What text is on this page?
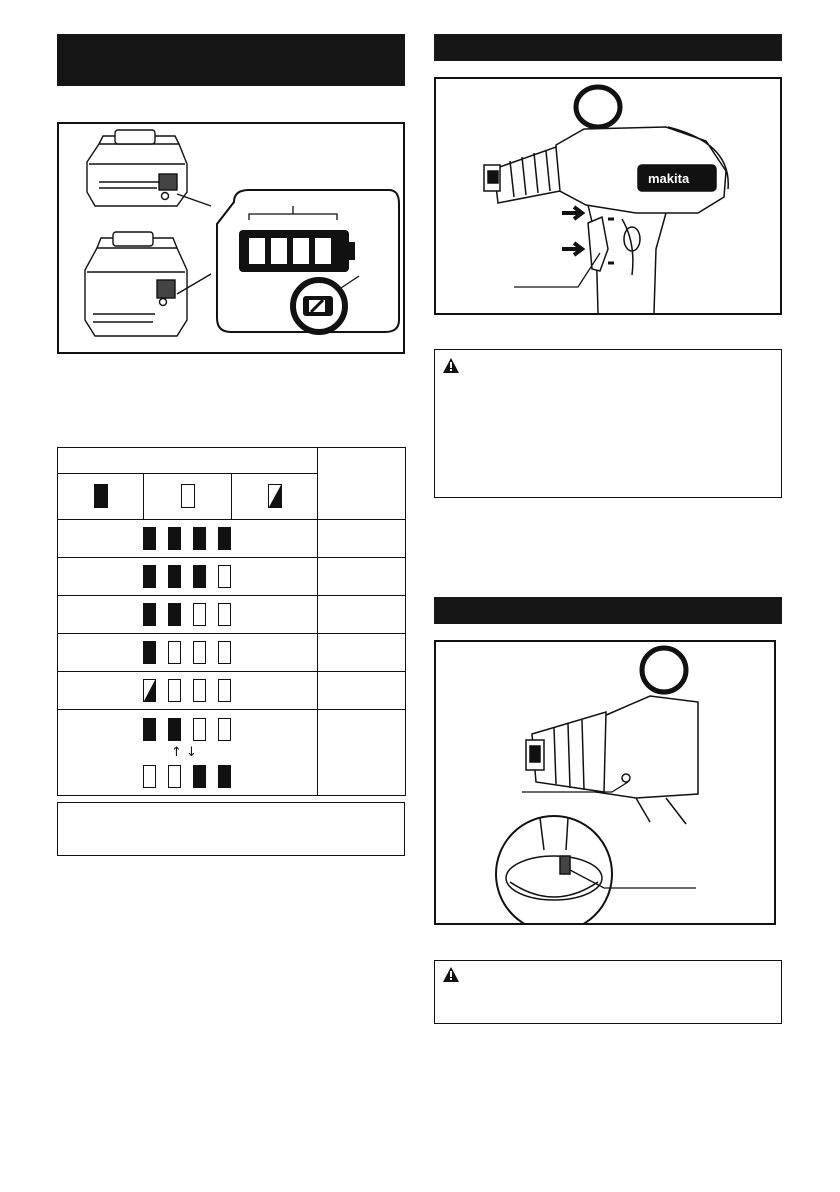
↑ ↓			

makita
